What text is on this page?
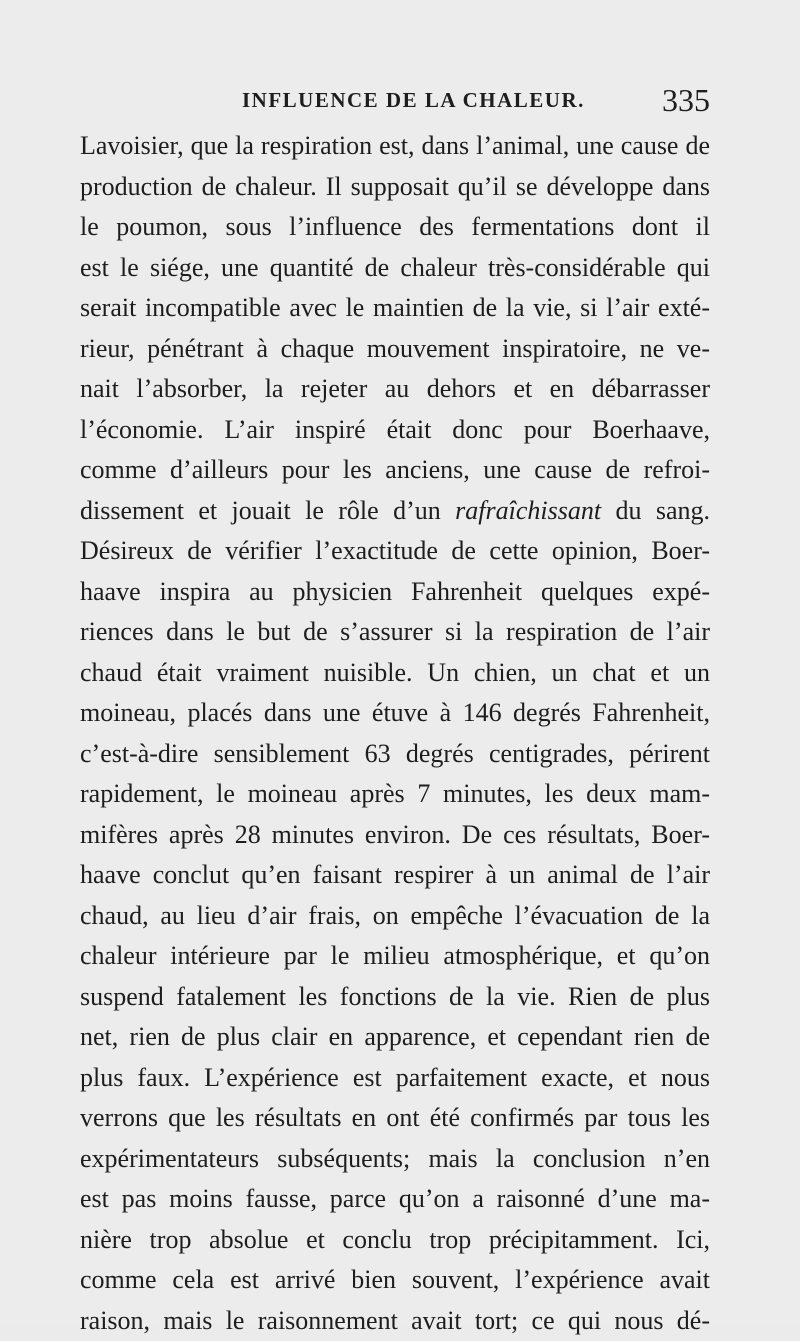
INFLUENCE DE LA CHALEUR. 335
Lavoisier, que la respiration est, dans l’animal, une cause de
production de chaleur. Il supposait qu’il se développe dans
le poumon, sous l’influence des fermentations dont il
est le siége, une quantité de chaleur très-considérable qui
serait incompatible avec le maintien de la vie, si l’air exté-
rieur, pénétrant à chaque mouvement inspiratoire, ne ve-
nait l’absorber, la rejeter au dehors et en débarrasser
l’économie. L’air inspiré était donc pour Boerhaave,
comme d’ailleurs pour les anciens, une cause de refroi-
dissement et jouait le rôle d’un rafraîchissant du sang.
Désireux de vérifier l’exactitude de cette opinion, Boer-
haave inspira au physicien Fahrenheit quelques expé-
riences dans le but de s’assurer si la respiration de l’air
chaud était vraiment nuisible. Un chien, un chat et un
moineau, placés dans une étuve à 146 degrés Fahrenheit,
c’est-à-dire sensiblement 63 degrés centigrades, périrent
rapidement, le moineau après 7 minutes, les deux mam-
mifères après 28 minutes environ. De ces résultats, Boer-
haave conclut qu’en faisant respirer à un animal de l’air
chaud, au lieu d’air frais, on empêche l’évacuation de la
chaleur intérieure par le milieu atmosphérique, et qu’on
suspend fatalement les fonctions de la vie. Rien de plus
net, rien de plus clair en apparence, et cependant rien de
plus faux. L’expérience est parfaitement exacte, et nous
verrons que les résultats en ont été confirmés par tous les
expérimentateurs subséquents; mais la conclusion n’en
est pas moins fausse, parce qu’on a raisonné d’une ma-
nière trop absolue et conclu trop précipitamment. Ici,
comme cela est arrivé bien souvent, l’expérience avait
raison, mais le raisonnement avait tort; ce qui nous dé-
